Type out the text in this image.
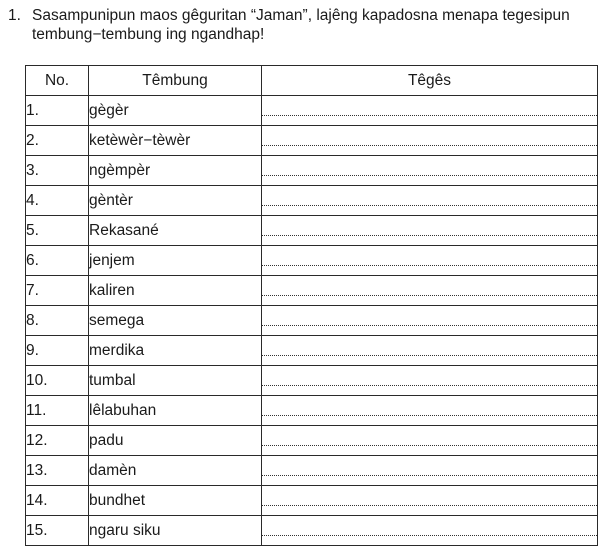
1. Sasampunipun maos gêguritan “Jaman”, lajêng kapadosna menapa tegesipun tembung−tembung ing ngandhap!
No.	Têmbung	Têgês
1.	gègèr	

2.	ketèwèr−tèwèr	

3.	ngèmpèr	

4.	gèntèr	

5.	Rekasané	

6.	jenjem	

7.	kaliren	

8.	semega	

9.	merdika	

10.	tumbal	

11.	lêlabuhan	

12.	padu	

13.	damèn	

14.	bundhet	

15.	ngaru siku	
